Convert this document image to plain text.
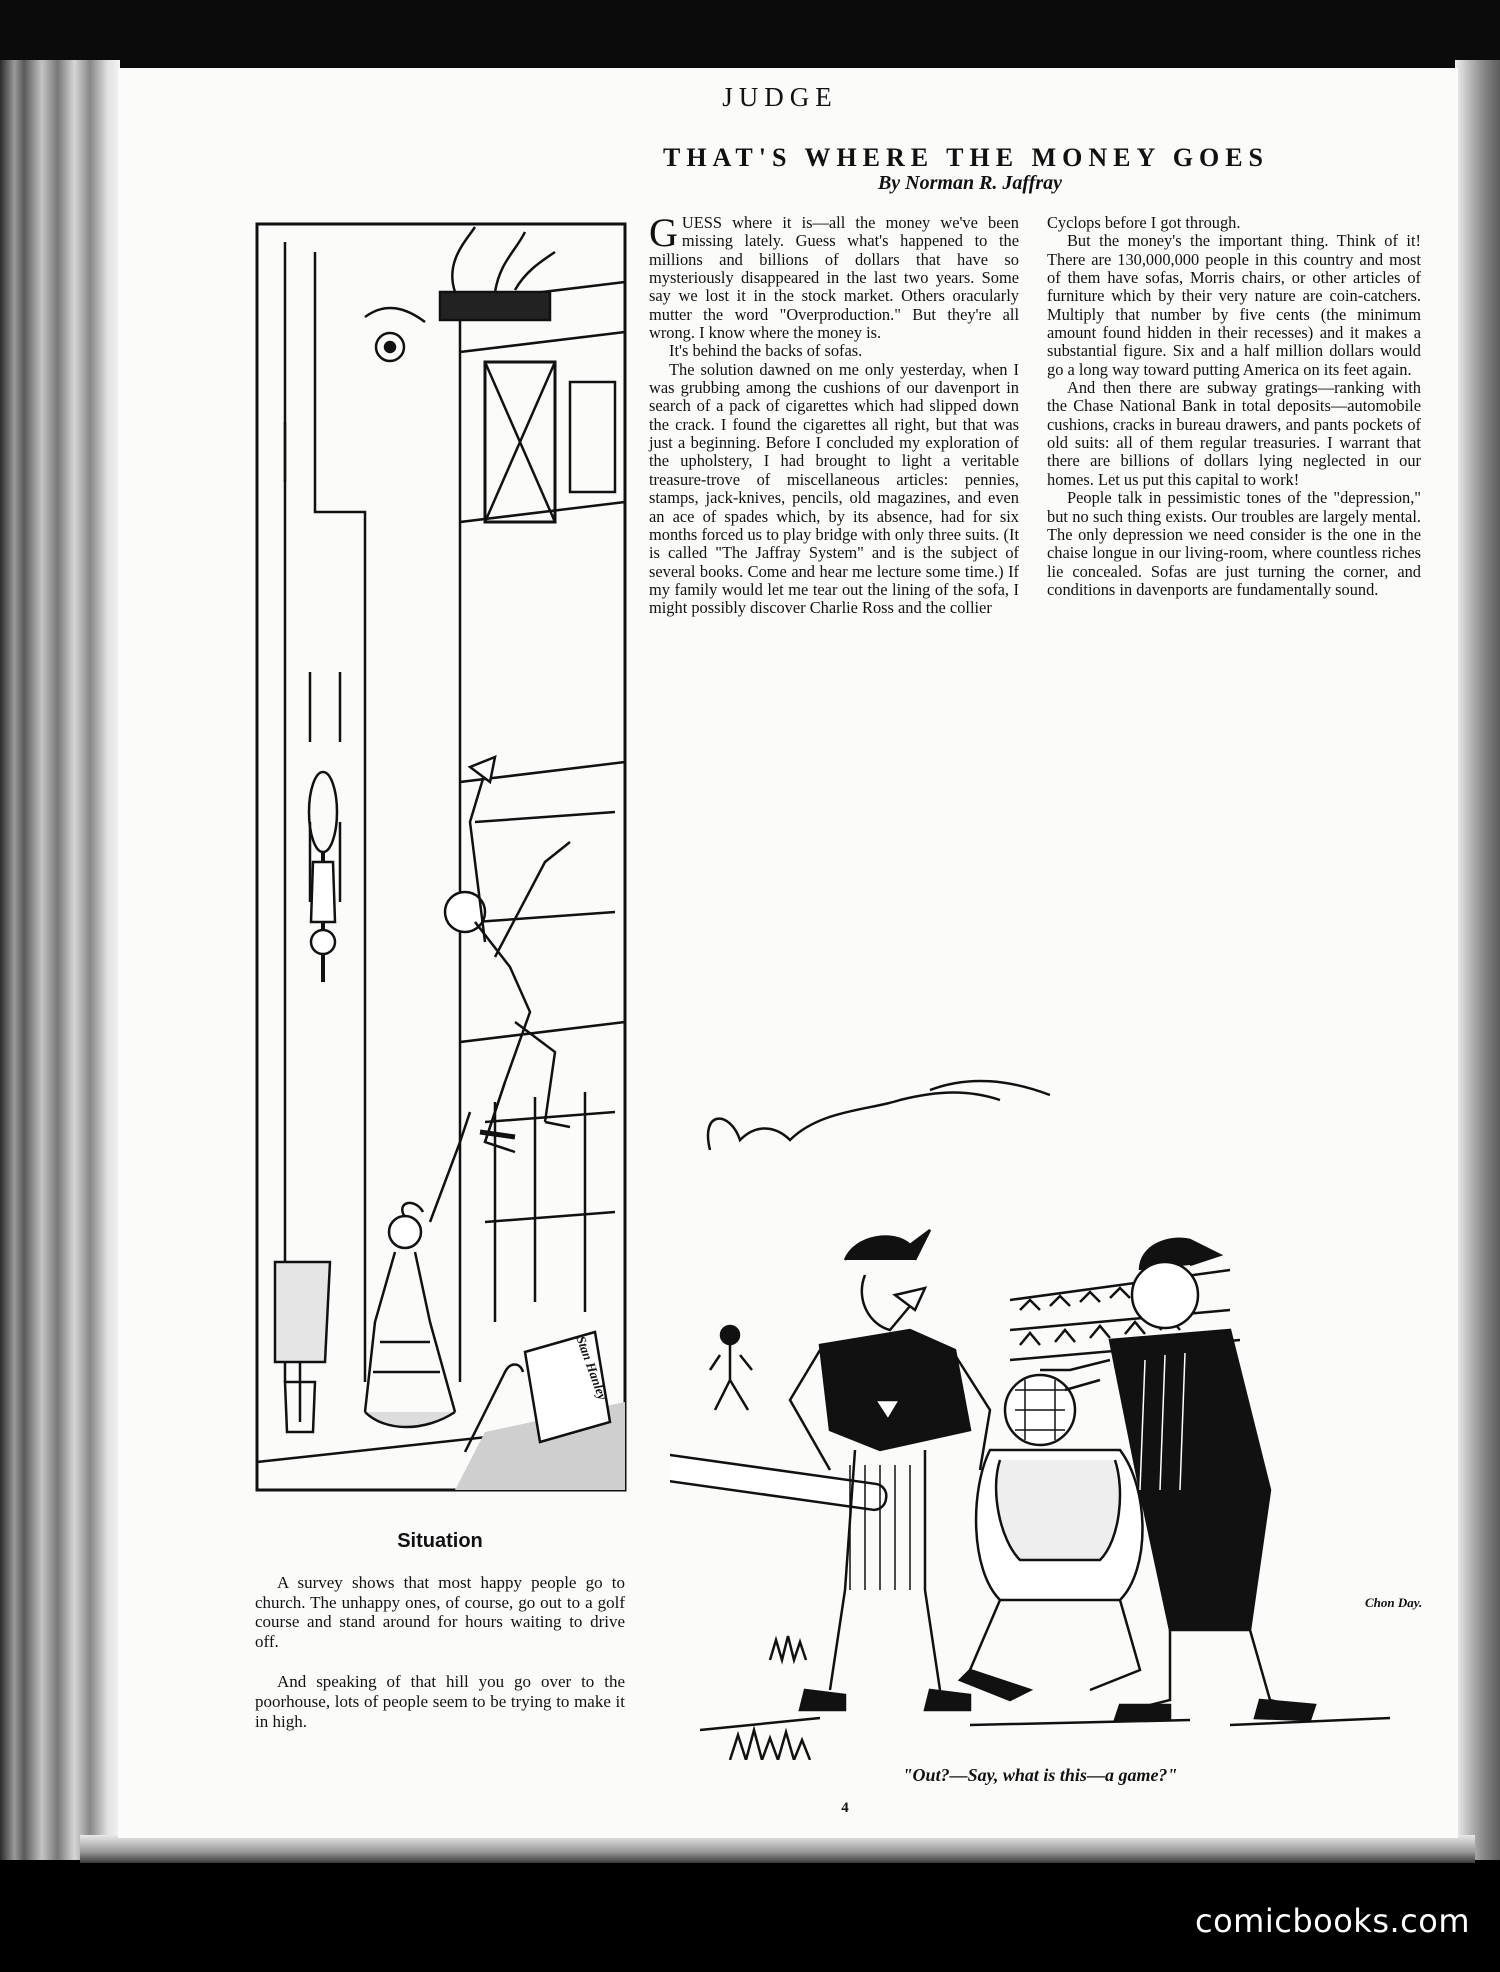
JUDGE
THAT'S WHERE THE MONEY GOES
By Norman R. Jaffray

GUESS where it is—all the money we've been missing lately. Guess what's happened to the millions and billions of dollars that have so mysteriously disappeared in the last two years. Some say we lost it in the stock market. Others oracularly mutter the word "Overproduction." But they're all wrong. I know where the money is.

It's behind the backs of sofas.

The solution dawned on me only yesterday, when I was grubbing among the cushions of our davenport in search of a pack of cigarettes which had slipped down the crack. I found the cigarettes all right, but that was just a beginning. Before I concluded my exploration of the upholstery, I had brought to light a veritable treasure-trove of miscellaneous articles: pennies, stamps, jack-knives, pencils, old magazines, and even an ace of spades which, by its absence, had for six months forced us to play bridge with only three suits. (It is called "The Jaffray System" and is the subject of several books. Come and hear me lecture some time.) If my family would let me tear out the lining of the sofa, I might possibly discover Charlie Ross and the collier

Cyclops before I got through.

But the money's the important thing. Think of it! There are 130,000,000 people in this country and most of them have sofas, Morris chairs, or other articles of furniture which by their very nature are coin-catchers. Multiply that number by five cents (the minimum amount found hidden in their recesses) and it makes a substantial figure. Six and a half million dollars would go a long way toward putting America on its feet again.

And then there are subway gratings—ranking with the Chase National Bank in total deposits—automobile cushions, cracks in bureau drawers, and pants pockets of old suits: all of them regular treasuries. I warrant that there are billions of dollars lying neglected in our homes. Let us put this capital to work!

People talk in pessimistic tones of the "depression," but no such thing exists. Our troubles are largely mental. The only depression we need consider is the one in the chaise longue in our living-room, where countless riches lie concealed. Sofas are just turning the corner, and conditions in davenports are fundamentally sound.

Stan Hanley
Chon Day.
"Out?—Say, what is this—a game?"
Situation

A survey shows that most happy people go to church. The unhappy ones, of course, go out to a golf course and stand around for hours waiting to drive off.

And speaking of that hill you go over to the poorhouse, lots of people seem to be trying to make it in high.

4
comicbooks.com
